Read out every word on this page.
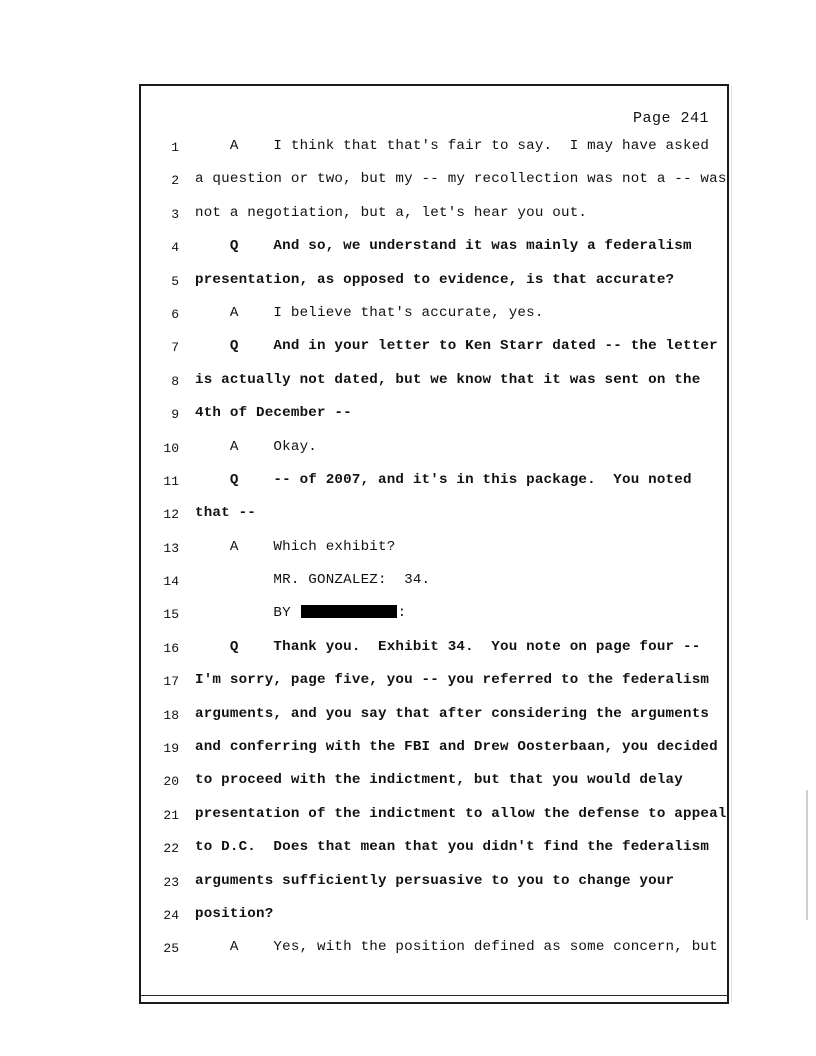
Page 241
1 A    I think that that's fair to say.  I may have asked
2 a question or two, but my -- my recollection was not a -- was
3 not a negotiation, but a, let's hear you out.
4 Q    And so, we understand it was mainly a federalism
5 presentation, as opposed to evidence, is that accurate?
6 A    I believe that's accurate, yes.
7 Q    And in your letter to Ken Starr dated -- the letter
8 is actually not dated, but we know that it was sent on the
9 4th of December --
10 A    Okay.
11 Q    -- of 2007, and it's in this package.  You noted
12 that --
13 A    Which exhibit?
14 MR. GONZALEZ:  34.
15 BY	:
16 Q    Thank you.  Exhibit 34.  You note on page four --
17 I'm sorry, page five, you -- you referred to the federalism
18 arguments, and you say that after considering the arguments
19 and conferring with the FBI and Drew Oosterbaan, you decided
20 to proceed with the indictment, but that you would delay
21 presentation of the indictment to allow the defense to appeal
22 to D.C.  Does that mean that you didn't find the federalism
23 arguments sufficiently persuasive to you to change your
24 position?
25 A    Yes, with the position defined as some concern, but
